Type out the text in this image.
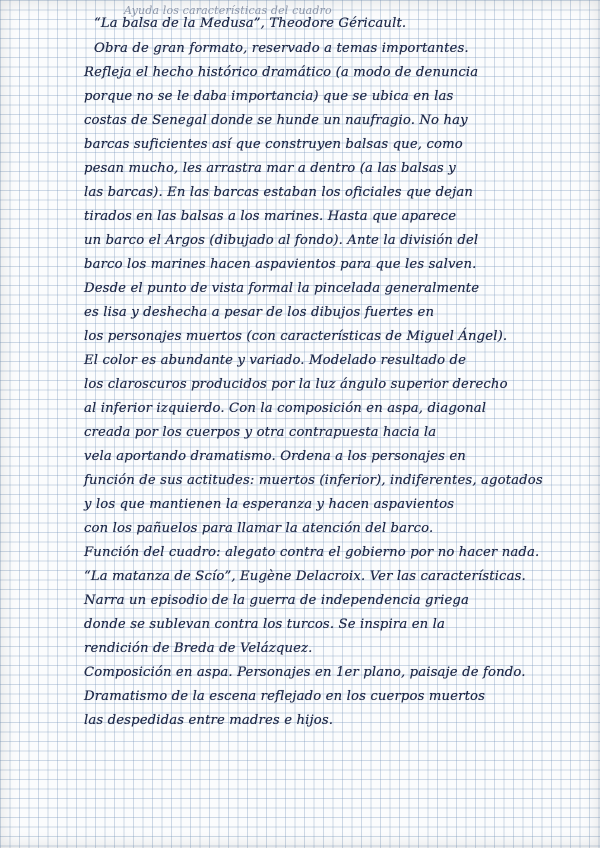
Ayuda los características del cuadro
“La balsa de la Medusa”, Theodore Géricault.
Obra de gran formato, reservado a temas importantes.
Refleja el hecho histórico dramático (a modo de denuncia
porque no se le daba importancia) que se ubica en las
costas de Senegal donde se hunde un naufragio. No hay
barcas suficientes así que construyen balsas que, como
pesan mucho, les arrastra mar a dentro (a las balsas y
las barcas). En las barcas estaban los oficiales que dejan
tirados en las balsas a los marines. Hasta que aparece
un barco el Argos (dibujado al fondo). Ante la división del
barco los marines hacen aspavientos para que les salven.
Desde el punto de vista formal la pincelada generalmente
es lisa y deshecha a pesar de los dibujos fuertes en
los personajes muertos (con características de Miguel Ángel).
El color es abundante y variado. Modelado resultado de
los claroscuros producidos por la luz ángulo superior derecho
al inferior izquierdo. Con la composición en aspa, diagonal
creada por los cuerpos y otra contrapuesta hacia la
vela aportando dramatismo. Ordena a los personajes en
función de sus actitudes: muertos (inferior), indiferentes, agotados
y los que mantienen la esperanza y hacen aspavientos
con los pañuelos para llamar la atención del barco.
Función del cuadro: alegato contra el gobierno por no hacer nada.
“La matanza de Scío”, Eugène Delacroix. Ver las características.
Narra un episodio de la guerra de independencia griega
donde se sublevan contra los turcos. Se inspira en la
rendición de Breda de Velázquez.
Composición en aspa. Personajes en 1er plano, paisaje de fondo.
Dramatismo de la escena reflejado en los cuerpos muertos
las despedidas entre madres e hijos.
